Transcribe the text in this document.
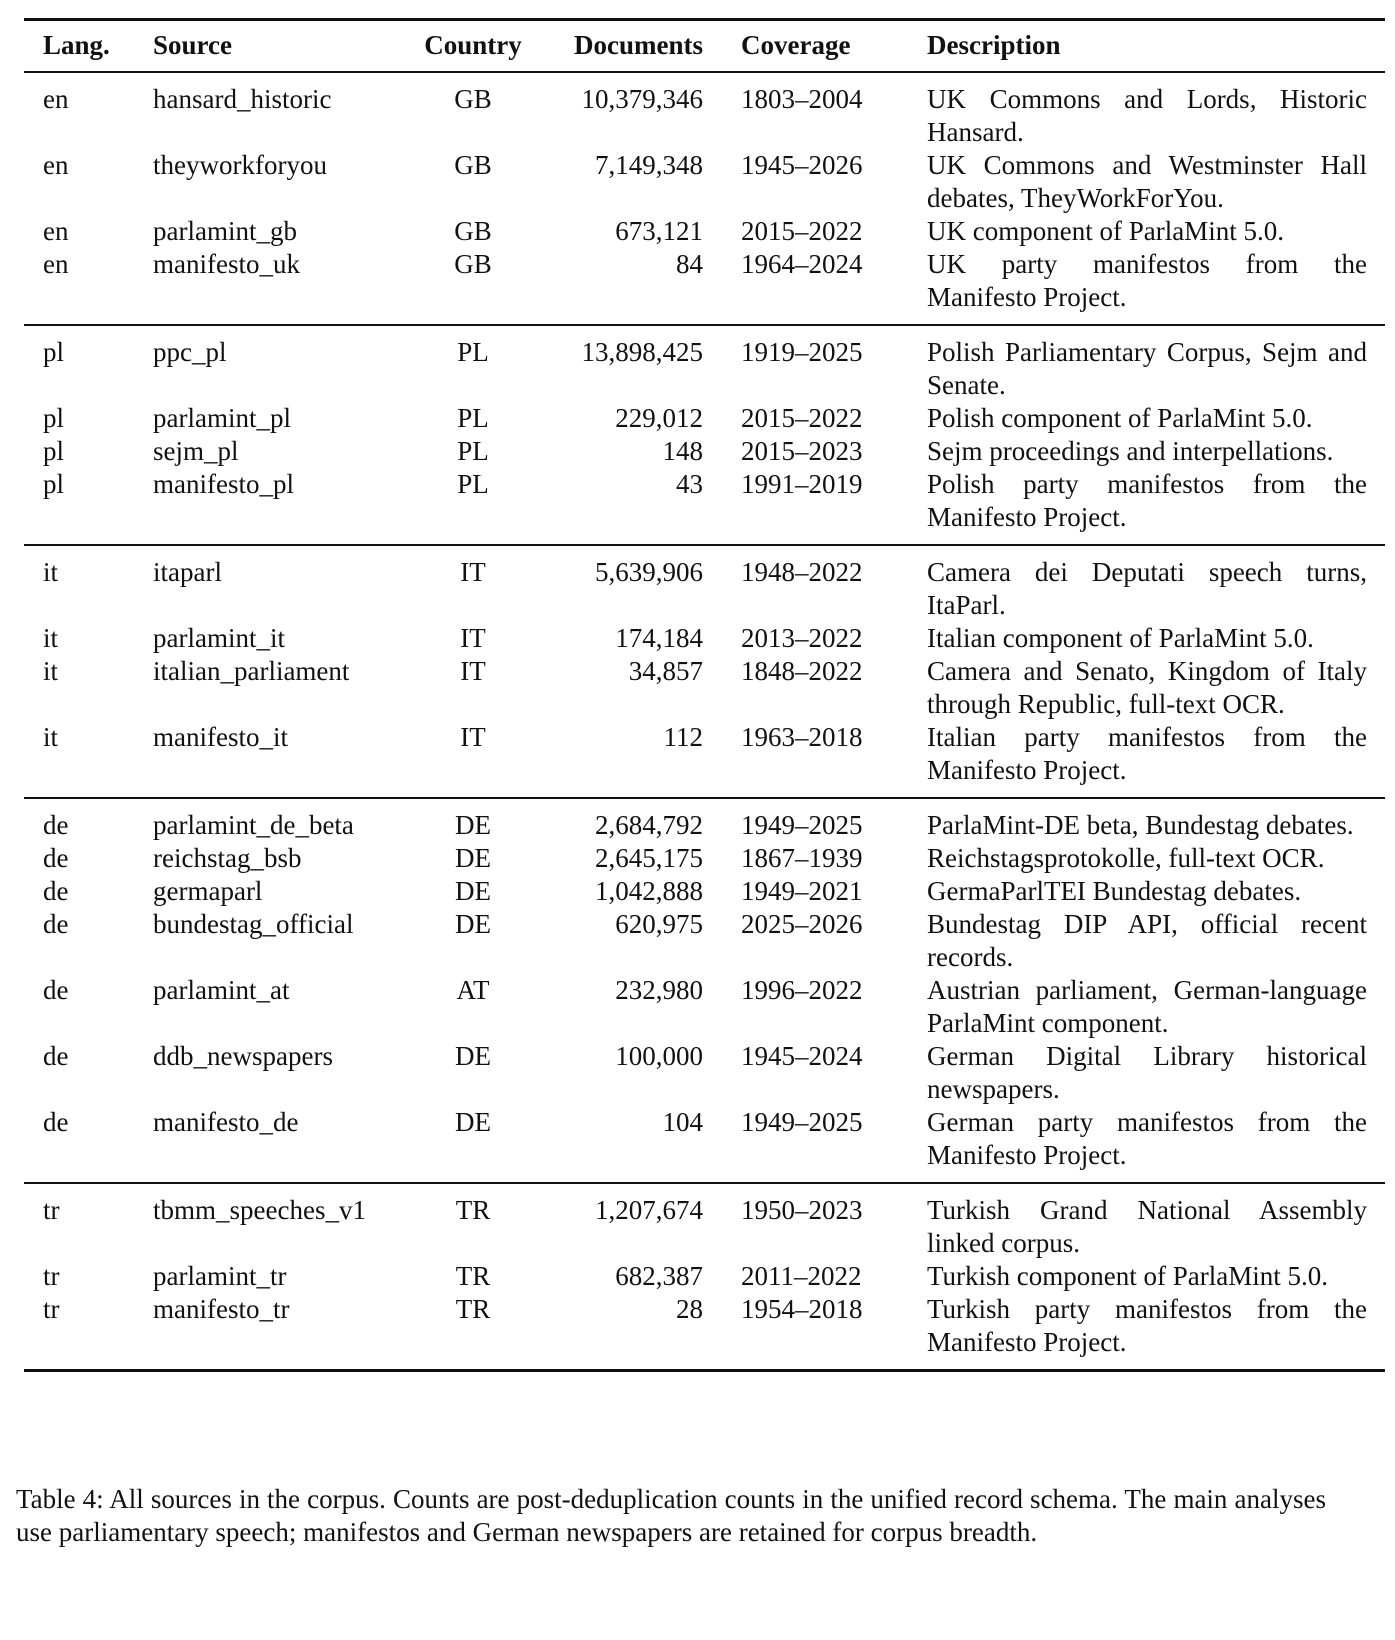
Lang.	Source	Country	Documents	Coverage	Description
en	hansard_historic	GB	10,379,346	1803–2004	UK Commons and Lords, Historic Hansard.
en	theyworkforyou	GB	7,149,348	1945–2026	UK Commons and Westminster Hall debates, TheyWorkForYou.
en	parlamint_gb	GB	673,121	2015–2022	UK component of ParlaMint 5.0.
en	manifesto_uk	GB	84	1964–2024	UK party manifestos from the Manifesto Project.
pl	ppc_pl	PL	13,898,425	1919–2025	Polish Parliamentary Corpus, Sejm and Senate.
pl	parlamint_pl	PL	229,012	2015–2022	Polish component of ParlaMint 5.0.
pl	sejm_pl	PL	148	2015–2023	Sejm proceedings and interpellations.
pl	manifesto_pl	PL	43	1991–2019	Polish party manifestos from the Manifesto Project.
it	itaparl	IT	5,639,906	1948–2022	Camera dei Deputati speech turns, ItaParl.
it	parlamint_it	IT	174,184	2013–2022	Italian component of ParlaMint 5.0.
it	italian_parliament	IT	34,857	1848–2022	Camera and Senato, Kingdom of Italy through Republic, full-text OCR.
it	manifesto_it	IT	112	1963–2018	Italian party manifestos from the Manifesto Project.
de	parlamint_de_beta	DE	2,684,792	1949–2025	ParlaMint-DE beta, Bundestag debates.
de	reichstag_bsb	DE	2,645,175	1867–1939	Reichstagsprotokolle, full-text OCR.
de	germaparl	DE	1,042,888	1949–2021	GermaParlTEI Bundestag debates.
de	bundestag_official	DE	620,975	2025–2026	Bundestag DIP API, official recent records.
de	parlamint_at	AT	232,980	1996–2022	Austrian parliament, German-language ParlaMint component.
de	ddb_newspapers	DE	100,000	1945–2024	German Digital Library historical newspapers.
de	manifesto_de	DE	104	1949–2025	German party manifestos from the Manifesto Project.
tr	tbmm_speeches_v1	TR	1,207,674	1950–2023	Turkish Grand National Assembly linked corpus.
tr	parlamint_tr	TR	682,387	2011–2022	Turkish component of ParlaMint 5.0.
tr	manifesto_tr	TR	28	1954–2018	Turkish party manifestos from the Manifesto Project.
Table 4: All sources in the corpus. Counts are post-deduplication counts in the unified record schema. The main analyses use parliamentary speech; manifestos and German newspapers are retained for corpus breadth.
